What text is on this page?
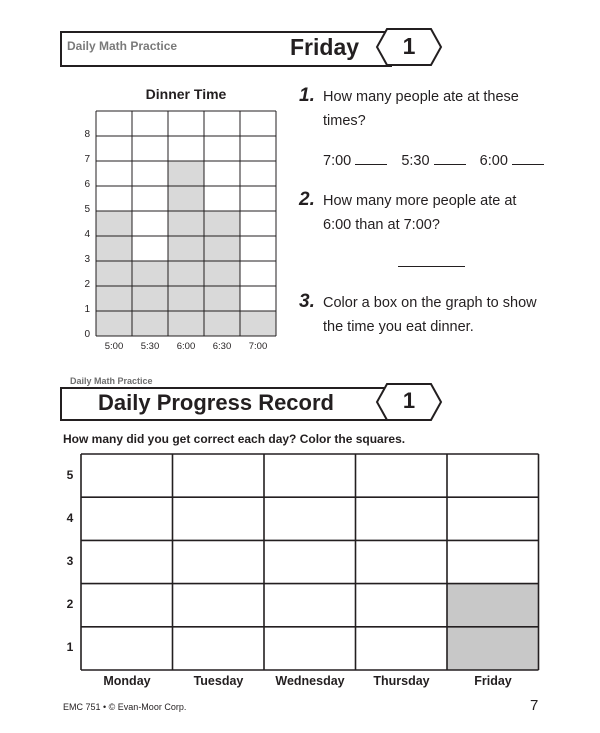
Daily Math Practice	Friday	1
Dinner Time
0
1
2
3
4
5
6
7
8
5:00	5:30	6:00	6:30	7:00
1. How many people ate at these
times?
7:00	5:30	6:00
2. How many more people ate at
6:00 than at 7:00?
3. Color a box on the graph to show
the time you eat dinner.
Daily Math Practice
Daily Progress Record	1
How many did you get correct each day? Color the squares.
5
4
3
2
1
Monday	Tuesday	Wednesday	Thursday	Friday
EMC 751 • © Evan-Moor Corp.	7
